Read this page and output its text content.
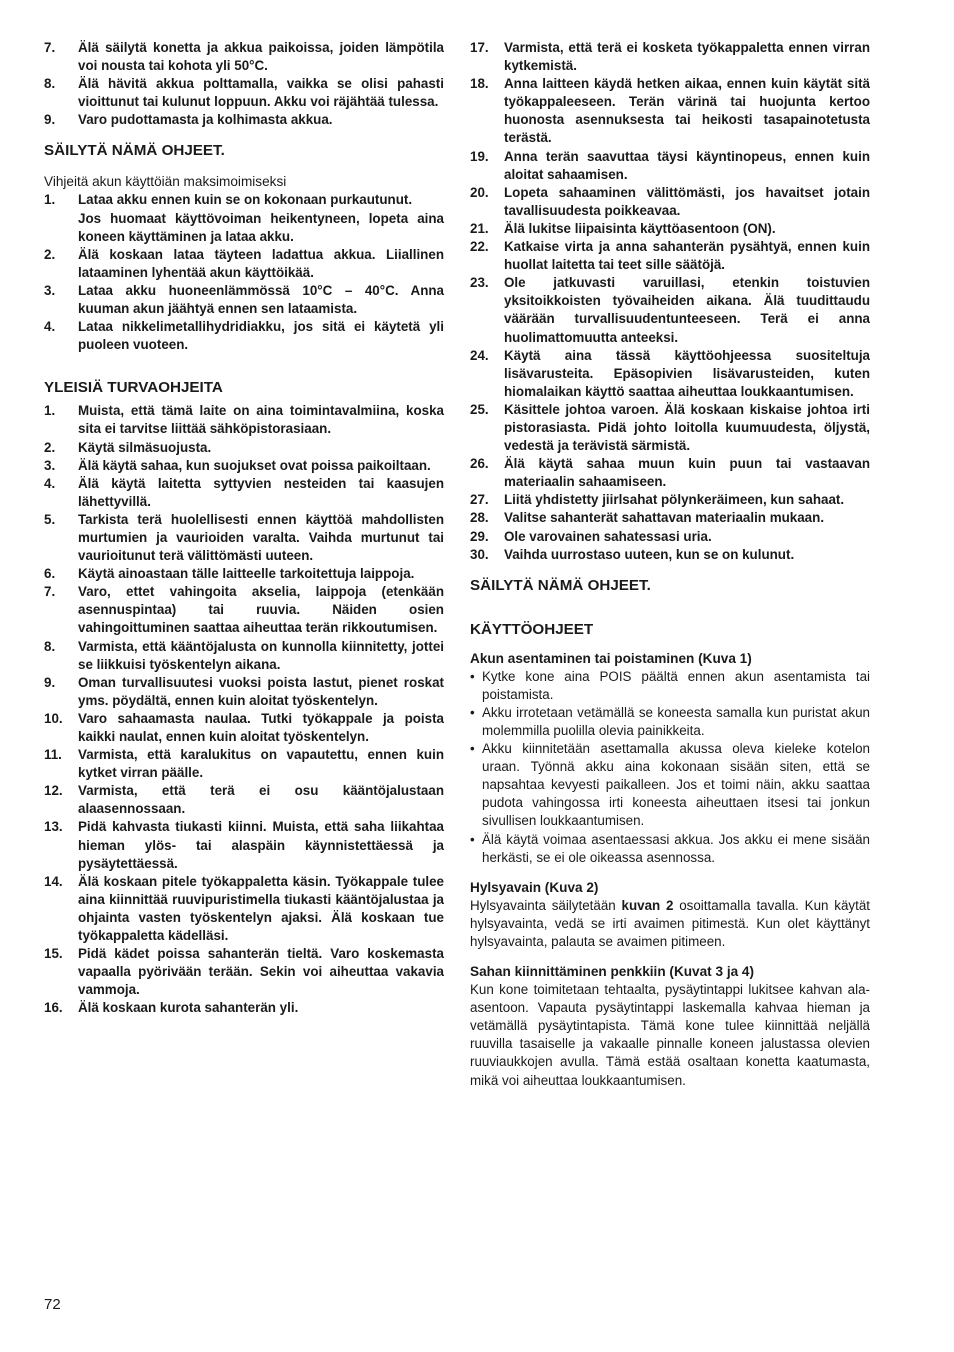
7.	Älä säilytä konetta ja akkua paikoissa, joiden lämpötila voi nousta tai kohota yli 50°C.
8.	Älä hävitä akkua polttamalla, vaikka se olisi pahasti vioittunut tai kulunut loppuun. Akku voi räjähtää tulessa.
9.	Varo pudottamasta ja kolhimasta akkua.
SÄILYTÄ NÄMÄ OHJEET.
Vihjeitä akun käyttöiän maksimoimiseksi
1.	Lataa akku ennen kuin se on kokonaan purkautunut.
Jos huomaat käyttövoiman heikentyneen, lopeta aina koneen käyttäminen ja lataa akku.
2.	Älä koskaan lataa täyteen ladattua akkua. Liiallinen lataaminen lyhentää akun käyttöikää.
3.	Lataa akku huoneenlämmössä 10°C – 40°C. Anna kuuman akun jäähtyä ennen sen lataamista.
4.	Lataa nikkelimetallihydridiakku, jos sitä ei käytetä yli puoleen vuoteen.
YLEISIÄ TURVAOHJEITA
1.	Muista, että tämä laite on aina toimintavalmiina, koska sita ei tarvitse liittää sähköpistorasiaan.
2.	Käytä silmäsuojusta.
3.	Älä käytä sahaa, kun suojukset ovat poissa paikoiltaan.
4.	Älä käytä laitetta syttyvien nesteiden tai kaasujen lähettyvillä.
5.	Tarkista terä huolellisesti ennen käyttöä mahdollisten murtumien ja vaurioiden varalta. Vaihda murtunut tai vaurioitunut terä välittömästi uuteen.
6.	Käytä ainoastaan tälle laitteelle tarkoitettuja laippoja.
7.	Varo, ettet vahingoita akselia, laippoja (etenkään asennuspintaa) tai ruuvia. Näiden osien vahingoittuminen saattaa aiheuttaa terän rikkoutumisen.
8.	Varmista, että kääntöjalusta on kunnolla kiinnitetty, jottei se liikkuisi työskentelyn aikana.
9.	Oman turvallisuutesi vuoksi poista lastut, pienet roskat yms. pöydältä, ennen kuin aloitat työskentelyn.
10.	Varo sahaamasta naulaa. Tutki työkappale ja poista kaikki naulat, ennen kuin aloitat työskentelyn.
11.	Varmista, että karalukitus on vapautettu, ennen kuin kytket virran päälle.
12.	Varmista, että terä ei osu kääntöjalustaan alaasennossaan.
13.	Pidä kahvasta tiukasti kiinni. Muista, että saha liikahtaa hieman ylös- tai alaspäin käynnistettäessä ja pysäytettäessä.
14.	Älä koskaan pitele työkappaletta käsin. Työkappale tulee aina kiinnittää ruuvipuristimella tiukasti kääntöjalustaa ja ohjainta vasten työskentelyn ajaksi. Älä koskaan tue työkappaletta kädelläsi.
15.	Pidä kädet poissa sahanterän tieltä. Varo koskemasta vapaalla pyörivään terään. Sekin voi aiheuttaa vakavia vammoja.
16.	Älä koskaan kurota sahanterän yli.
17.	Varmista, että terä ei kosketa työkappaletta ennen virran kytkemistä.
18.	Anna laitteen käydä hetken aikaa, ennen kuin käytät sitä työkappaleeseen. Terän värinä tai huojunta kertoo huonosta asennuksesta tai heikosti tasapainotetusta terästä.
19.	Anna terän saavuttaa täysi käyntinopeus, ennen kuin aloitat sahaamisen.
20.	Lopeta sahaaminen välittömästi, jos havaitset jotain tavallisuudesta poikkeavaa.
21.	Älä lukitse liipaisinta käyttöasentoon (ON).
22.	Katkaise virta ja anna sahanterän pysähtyä, ennen kuin huollat laitetta tai teet sille säätöjä.
23.	Ole jatkuvasti varuillasi, etenkin toistuvien yksitoikkoisten työvaiheiden aikana. Älä tuudittaudu väärään turvallisuudentunteeseen. Terä ei anna huolimattomuutta anteeksi.
24.	Käytä aina tässä käyttöohjeessa suositeltuja lisävarusteita. Epäsopivien lisävarusteiden, kuten hiomalaikan käyttö saattaa aiheuttaa loukkaantumisen.
25.	Käsittele johtoa varoen. Älä koskaan kiskaise johtoa irti pistorasiasta. Pidä johto loitolla kuumuudesta, öljystä, vedestä ja terävistä särmistä.
26.	Älä käytä sahaa muun kuin puun tai vastaavan materiaalin sahaamiseen.
27.	Liitä yhdistetty jiirlsahat pölynkeräimeen, kun sahaat.
28.	Valitse sahanterät sahattavan materiaalin mukaan.
29.	Ole varovainen sahatessasi uria.
30.	Vaihda uurrostaso uuteen, kun se on kulunut.
SÄILYTÄ NÄMÄ OHJEET.
KÄYTTÖOHJEET
Akun asentaminen tai poistaminen (Kuva 1)
• Kytke kone aina POIS päältä ennen akun asentamista tai poistamista.
• Akku irrotetaan vetämällä se koneesta samalla kun puristat akun molemmilla puolilla olevia painikkeita.
• Akku kiinnitetään asettamalla akussa oleva kieleke kotelon uraan. Työnnä akku aina kokonaan sisään siten, että se napsahtaa kevyesti paikalleen. Jos et toimi näin, akku saattaa pudota vahingossa irti koneesta aiheuttaen itsesi tai jonkun sivullisen loukkaantumisen.
• Älä käytä voimaa asentaessasi akkua. Jos akku ei mene sisään herkästi, se ei ole oikeassa asennossa.
Hylsyavain (Kuva 2)
Hylsyavainta säilytetään kuvan 2 osoittamalla tavalla. Kun käytät hylsyavainta, vedä se irti avaimen pitimestä. Kun olet käyttänyt hylsyavainta, palauta se avaimen pitimeen.
Sahan kiinnittäminen penkkiin (Kuvat 3 ja 4)
Kun kone toimitetaan tehtaalta, pysäytintappi lukitsee kahvan ala-asentoon. Vapauta pysäytintappi laskemalla kahvaa hieman ja vetämällä pysäytintapista. Tämä kone tulee kiinnittää neljällä ruuvilla tasaiselle ja vakaalle pinnalle koneen jalustassa olevien ruuviaukkojen avulla. Tämä estää osaltaan konetta kaatumasta, mikä voi aiheuttaa loukkaantumisen.
72
